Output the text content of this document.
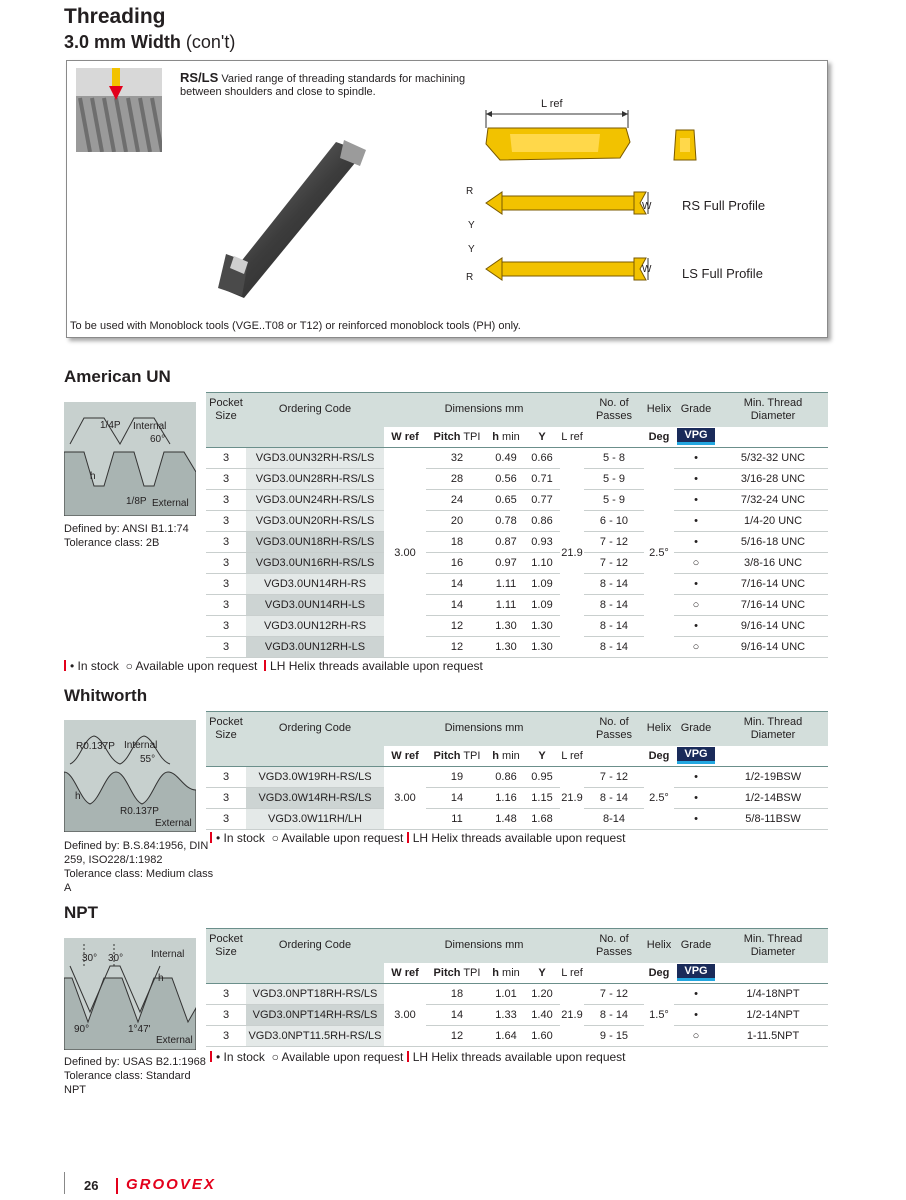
Threading
3.0 mm Width (con't)
RS/LS Varied range of threading standards for machining between shoulders and close to spindle.
L ref
R
Y
W RS Full Profile
Y
R
W LS Full Profile
To be used with Monoblock tools (VGE..T08 or T12) or reinforced monoblock tools (PH) only.
American UN
1/4P Internal
60°
h
1/8P External
Defined by: ANSI B1.1:74
Tolerance class: 2B
Pocket
Size	Ordering Code	Dimensions mm					No. of
Passes	Helix	Grade	Min. Thread
Diameter
		W ref	Pitch TPI	h min	Y	L ref		Deg	VPG	
3	VGD3.0UN32RH-RS/LS	3.00	32	0.49	0.66	21.9	5 - 8	2.5°	•	5/32-32 UNC
3	VGD3.0UN28RH-RS/LS		28	0.56	0.71		5 - 9		•	3/16-28 UNC
3	VGD3.0UN24RH-RS/LS		24	0.65	0.77		5 - 9		•	7/32-24 UNC
3	VGD3.0UN20RH-RS/LS		20	0.78	0.86		6 - 10		•	1/4-20 UNC
3	VGD3.0UN18RH-RS/LS		18	0.87	0.93		7 - 12		•	5/16-18 UNC
3	VGD3.0UN16RH-RS/LS		16	0.97	1.10		7 - 12		○	3/8-16 UNC
3	VGD3.0UN14RH-RS		14	1.11	1.09		8 - 14		•	7/16-14 UNC
3	VGD3.0UN14RH-LS		14	1.11	1.09		8 - 14		○	7/16-14 UNC
3	VGD3.0UN12RH-RS		12	1.30	1.30		8 - 14		•	9/16-14 UNC
3	VGD3.0UN12RH-LS		12	1.30	1.30		8 - 14		○	9/16-14 UNC
• In stock ○ Available upon request LH Helix threads available upon request
Whitworth
R0.137P Internal
55°
h
R0.137P
External
Defined by: B.S.84:1956, DIN 259, ISO228/1:1982
Tolerance class: Medium class A
Pocket
Size	Ordering Code	Dimensions mm					No. of
Passes	Helix	Grade	Min. Thread
Diameter
		W ref	Pitch TPI	h min	Y	L ref		Deg	VPG	
3	VGD3.0W19RH-RS/LS	3.00	19	0.86	0.95	21.9	7 - 12	2.5°	•	1/2-19BSW
3	VGD3.0W14RH-RS/LS		14	1.16	1.15		8 - 14		•	1/2-14BSW
3	VGD3.0W11RH/LH		11	1.48	1.68		8-14		•	5/8-11BSW
• In stock ○ Available upon request LH Helix threads available upon request
NPT
30° 30°	Internal
h
90°	1°47'
External
Defined by: USAS B2.1:1968
Tolerance class: Standard NPT
Pocket
Size	Ordering Code	Dimensions mm					No. of
Passes	Helix	Grade	Min. Thread
Diameter
		W ref	Pitch TPI	h min	Y	L ref		Deg	VPG	
3	VGD3.0NPT18RH-RS/LS	3.00	18	1.01	1.20	21.9	7 - 12	1.5°	•	1/4-18NPT
3	VGD3.0NPT14RH-RS/LS		14	1.33	1.40		8 - 14		•	1/2-14NPT
3	VGD3.0NPT11.5RH-RS/LS		12	1.64	1.60		9 - 15		○	1-11.5NPT
• In stock ○ Available upon request LH Helix threads available upon request
26 GROOVEX
